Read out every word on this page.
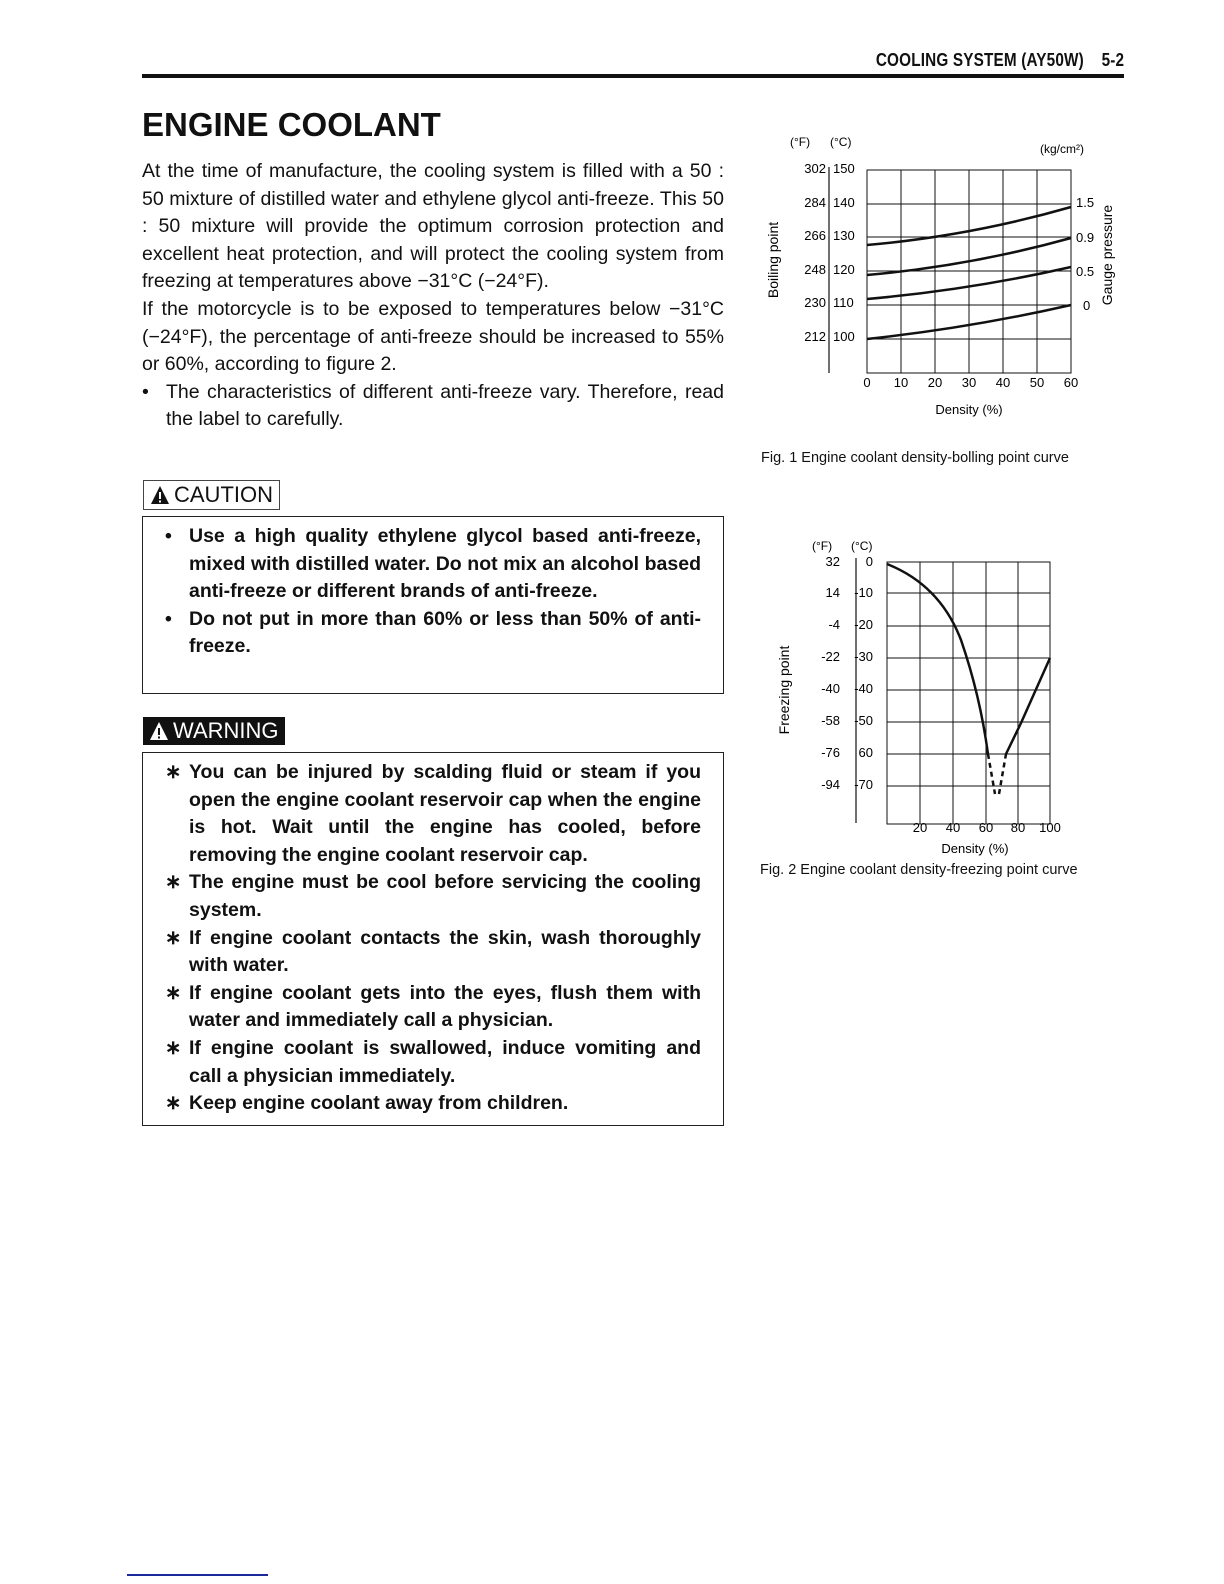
COOLING SYSTEM (AY50W) 5-2
ENGINE COOLANT

At the time of manufacture, the cooling system is filled with a 50 : 50 mixture of distilled water and ethylene glycol anti-freeze. This 50 : 50 mixture will provide the optimum corrosion protection and excellent heat protection, and will protect the cooling system from freezing at temperatures above −31°C (−24°F).

If the motorcycle is to be exposed to temperatures below −31°C (−24°F), the percentage of anti-freeze should be increased to 55% or 60%, according to figure 2.

• The characteristics of different anti-freeze vary. Therefore, read the label to carefully.
CAUTION
• Use a high quality ethylene glycol based anti-freeze, mixed with distilled water. Do not mix an alcohol based anti-freeze or different brands of anti-freeze.
• Do not put in more than 60% or less than 50% of anti-freeze.
WARNING
∗ You can be injured by scalding fluid or steam if you open the engine coolant reservoir cap when the engine is hot. Wait until the engine has cooled, before removing the engine coolant reservoir cap.
∗ The engine must be cool before servicing the cooling system.
∗ If engine coolant contacts the skin, wash thoroughly with water.
∗ If engine coolant gets into the eyes, flush them with water and immediately call a physician.
∗ If engine coolant is swallowed, induce vomiting and call a physician immediately.
∗ Keep engine coolant away from children.
(°F) (°C)	(kg/cm²)
302
284
266
248
230
212
150
140
130
120
110
100
Boiling point	Gauge pressure
1.5
0.9
0.5
0
0 10 20 30 40 50 60
Density (%)
Fig. 1 Engine coolant density-bolling point curve
(°F) (°C)
32
14
-4
-22
-40
-58
-76
-94
0
-10
-20
-30
-40
-50
60
-70
Freezing point
20 40 60 80 100
Density (%)
Fig. 2 Engine coolant density-freezing point curve
